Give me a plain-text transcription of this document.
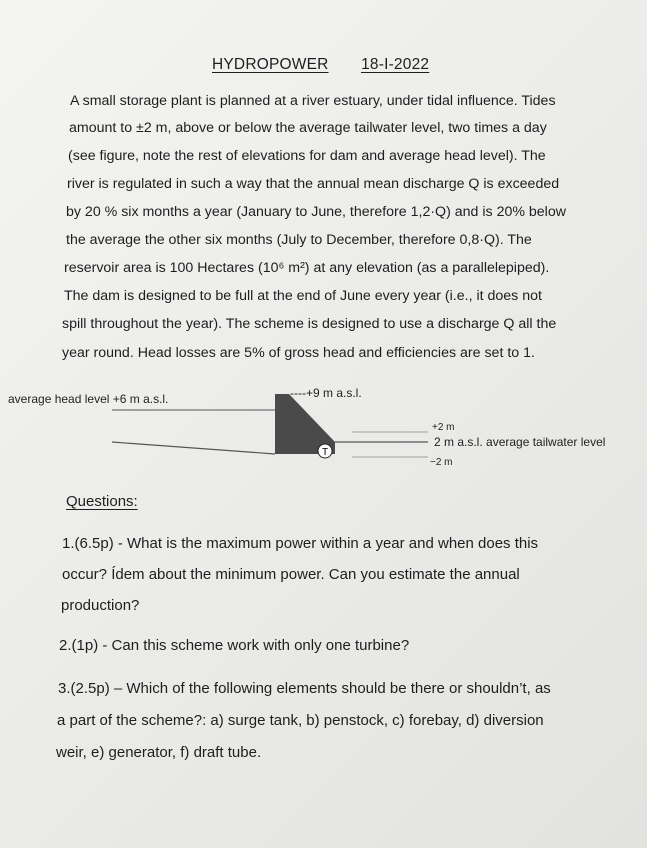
HYDROPOWER 18-I-2022
A small storage plant is planned at a river estuary, under tidal influence. Tides
amount to ±2 m, above or below the average tailwater level, two times a day
(see figure, note the rest of elevations for dam and average head level). The
river is regulated in such a way that the annual mean discharge Q is exceeded
by 20 % six months a year (January to June, therefore 1,2·Q) and is 20% below
the average the other six months (July to December, therefore 0,8·Q). The
reservoir area is 100 Hectares (10⁶ m²) at any elevation (as a parallelepiped).
The dam is designed to be full at the end of June every year (i.e., it does not
spill throughout the year). The scheme is designed to use a discharge Q all the
year round. Head losses are 5% of gross head and efficiencies are set to 1.
T
average head level +6 m a.s.l.	----+9 m a.s.l.
+2 m
2 m a.s.l. average tailwater level
−2 m
Questions:
1.(6.5p) - What is the maximum power within a year and when does this
occur? Ídem about the minimum power. Can you estimate the annual
production?
2.(1p) - Can this scheme work with only one turbine?
3.(2.5p) – Which of the following elements should be there or shouldn’t, as
a part of the scheme?: a) surge tank, b) penstock, c) forebay, d) diversion
weir, e) generator, f) draft tube.
